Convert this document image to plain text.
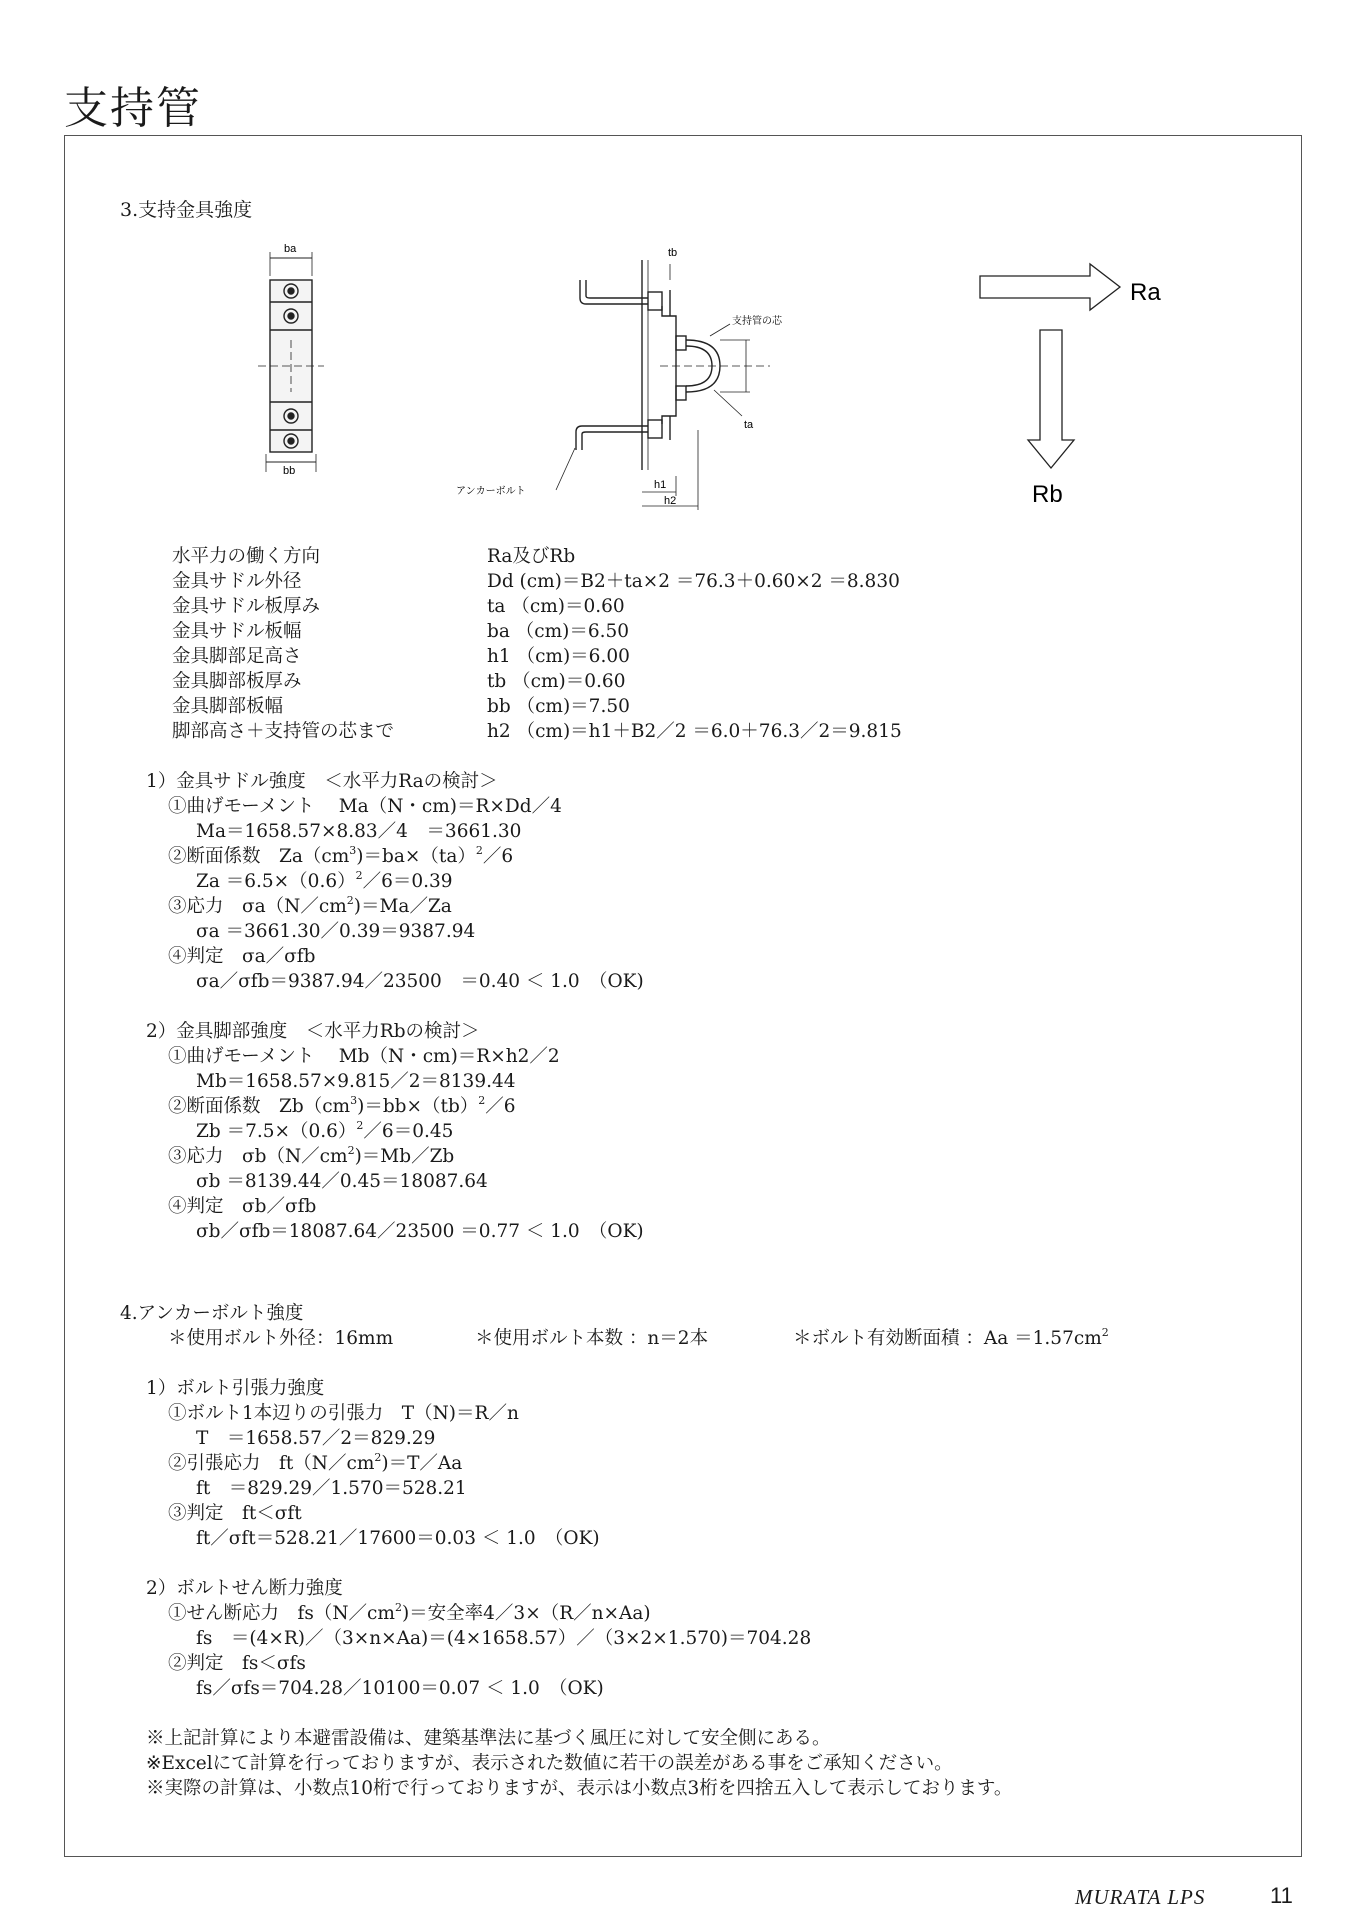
支持管
3.支持金具強度
ba
bb
tb
支持管の芯
ta
アンカーボルト
h1
h2
Ra
Rb
水平力の働く方向	Ra及びRb
金具サドル外径	Dd (cm)＝B2＋ta×2 ＝76.3＋0.60×2 ＝8.830
金具サドル板厚み	ta （cm)＝0.60
金具サドル板幅	ba （cm)＝6.50
金具脚部足高さ	h1 （cm)＝6.00
金具脚部板厚み	tb （cm)＝0.60
金具脚部板幅	bb （cm)＝7.50
脚部高さ＋支持管の芯まで	h2 （cm)＝h1＋B2／2 ＝6.0＋76.3／2＝9.815
1）金具サドル強度　＜水平力Raの検討＞
①曲げモーメント　 Ma（N・cm)＝R×Dd／4
Ma＝1658.57×8.83／4　＝3661.30
②断面係数　$Za(cm^3)=ba\times(ta)^2/6$
$Za =6.5\times(0.6)^2/6=0.39$
③応力　$\sigma a(N/cm^2)=Ma/Za$
σa ＝3661.30／0.39＝9387.94
④判定　σa／σfb
σa／σfb＝9387.94／23500　＝0.40 ＜ 1.0　（OK)
2）金具脚部強度　＜水平力Rbの検討＞
①曲げモーメント　 Mb（N・cm)＝R×h2／2
Mb＝1658.57×9.815／2＝8139.44
②断面係数　$Zb(cm^3)=bb\times(tb)^2/6$
$Zb =7.5\times(0.6)^2/6=0.45$
③応力　$\sigma b(N/cm^2)=Mb/Zb$
σb ＝8139.44／0.45＝18087.64
④判定　σb／σfb
σb／σfb＝18087.64／23500 ＝0.77 ＜ 1.0　（OK)
4.アンカーボルト強度
＊使用ボルト外径：16mm	＊使用ボルト本数 ：n＝2本	＊ボルト有効断面積 ：$Aa =1.57cm^2$
1）ボルト引張力強度
①ボルト1本辺りの引張力　T（N)＝R／n
T　＝1658.57／2＝829.29
②引張応力　$ft(N/cm^2)=T/Aa$
ft　＝829.29／1.570＝528.21
③判定　ft＜σft
ft／σft＝528.21／17600＝0.03 ＜ 1.0　（OK)
2）ボルトせん断力強度
①せん断応力　$fs(N/cm^2)=$安全率4／3×（R／n×Aa)
fs　＝(4×R)／（3×n×Aa)＝(4×1658.57）／（3×2×1.570)＝704.28
②判定　fs＜σfs
fs／σfs＝704.28／10100＝0.07 ＜ 1.0　（OK)
※上記計算により本避雷設備は、建築基準法に基づく風圧に対して安全側にある。
※Excelにて計算を行っておりますが、表示された数値に若干の誤差がある事をご承知ください。
※実際の計算は、小数点10桁で行っておりますが、表示は小数点3桁を四捨五入して表示しております。
MURATA LPS	11
